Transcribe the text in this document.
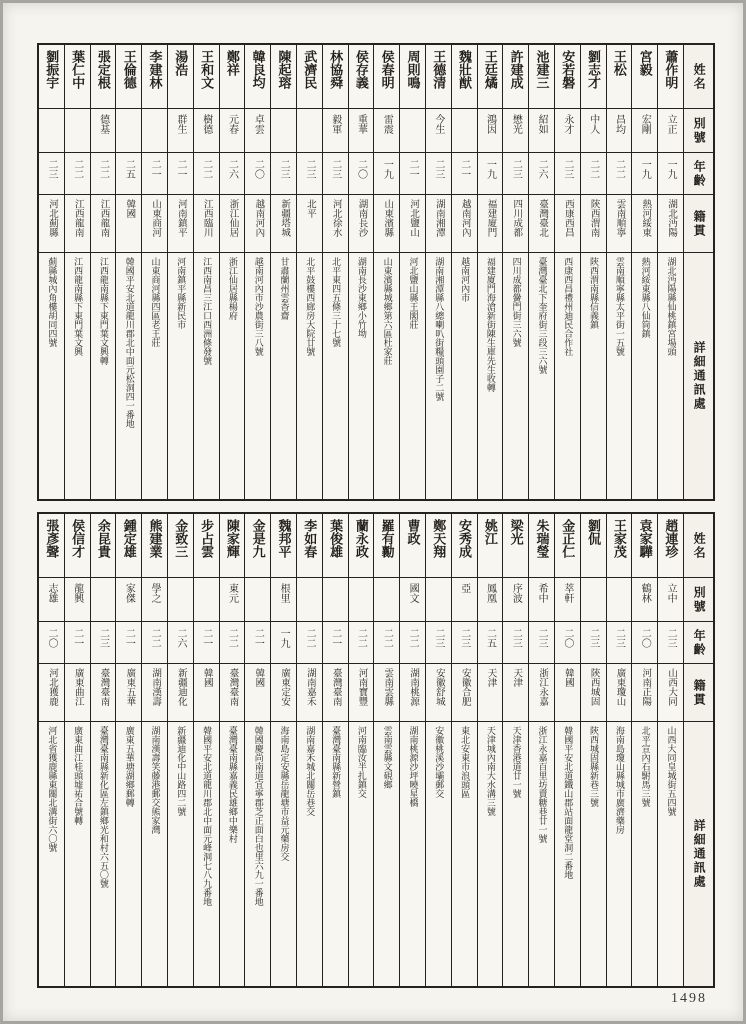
姓名
別號
年齡
籍貫
詳細通訊處
蕭作明
立正
一九
湖北沔陽
湖北沔陽縣仙桃鎮宮場頭
宮毅
宏剛
一九
熱河綏東
熱河綏東縣八仙筒鎮
王松
昌均
二二
雲南順寧
雲南順寧縣太平街一五號
劉志才
中人
二二
陝西渭南
陝西渭南縣信義鎮
安若磐
永才
二三
西康西昌
西康西昌禮州迪民合作社
池建三
紹如
二六
臺灣臺北
臺灣臺北下奎府街三段三六號
許建成
懋光
二三
四川成都
四川成都黌門街三六號
王廷燏
鴻因
一九
福建廈門
福建廈門海滄新街陳生庫先生收轉
魏壯猷
二一
越南河內
越南河內市
王德清
今生
二三
湖南湘潭
湖南湘潭縣八總喇叭街糧頭園子二號
周則鳴
二一
河北鹽山
河北鹽山縣王閣莊
侯春明
雷震
一九
山東濱縣
山東濱縣城鄉第六區杜家莊
侯存義
重華
二〇
湖南長沙
湖南長沙東鄉小竹坳
林協舜
毅軍
二三
河北徐水
北平東四五條三十七號
武濟民
二三
北平
北平鼓樓西廊房大院廿號
陳起瑢
二三
新疆塔城
甘肅蘭州雲香齋
韓良均
卓雲
二〇
越南河內
越南河內市沙農街三八號
鄭祥
元春
二六
浙江仙居
浙江仙居縣楊府
王和文
樹德
二二
江西臨川
江西南昌三江口西洲條發號
湯浩
群生
二一
河南鎮平
河南鎮平縣新民市
李建林
二一
山東商河
山東商河縣四區老王莊
王倫德
二五
韓國
韓國平安北道龍川郡北中面元松洞四一番地
張定根
德基
二二
江西龍南
江西龍南縣下東門葉文興轉
葉仁中
二二
江西龍南
江西龍南縣下東門葉文興
劉振宇
二三
河北薊縣
薊縣城內角樓胡同四號
姓名
別號
年齡
籍貫
詳細通訊處
趙連珍
立中
二三
山西大同
山西大同皇城街五四號
袁家驊
鶴林
二〇
河南正陽
北平宣內石駙馬三號
王家茂
二三
廣東瓊山
海南島瓊山縣城市廣濟藥房
劉侃
二三
陝西城固
陝西城固縣新巷三號
金正仁
萃軒
二〇
韓國
韓國平安北道鐵山郡站面龍堂洞二番地
朱瑞瑩
希中
二三
浙江永嘉
浙江永嘉百里坊賣糖巷廿一號
梁光
序波
二三
天津
天津香港道廿一號
姚江
鳳凰
二五
天津
天津城內南大水溝三號
安秀成
亞
二三
安徽合肥
東北安東市浪頭區
鄭天翔
二三
安徽舒城
安徽桃溪沙壩郵交
曹政
國文
二二
湖南桃源
湖南桃源沙坪曉星橋
羅有勷
二二
雲南雲縣
雲南雲縣文硯鄉
蘭永政
二二
河南寶豐
河南臨汝半扎鎮交
葉俊雄
二一
臺灣臺南
臺灣臺南縣新營鎮
李如春
二二
湖南嘉禾
湖南嘉禾城北關岳巷交
魏邦平
根里
一九
廣東定安
海南島定安縣岳龍塘市益元藥房交
金是九
二一
韓國
韓國慶尚南道宜寧郡芝正面白也里六九一番地
陳家輝
東元
二二
臺灣臺南
臺灣臺南縣嘉義民雄鄉中樂村
步占雲
二一
韓國
韓國平安北道龍川郡北中面元峰洞七八九番地
金致三
二六
新疆迪化
新疆迪化中山路四二號
熊建業
學之
二二
湖南漢壽
湖南漢壽笑藤港郵交熊家灣
鍾定雄
家傑
二一
廣東五華
廣東五華塘湖鄉郵轉
余昆貴
二三
臺灣臺南
臺灣臺南縣新化區左鎮鄉光和村六五〇號
侯信才
龍興
二一
廣東曲江
廣東曲江桂頭墟祐合號轉
張彥聲
志雄
二〇
河北獲鹿
河北省獲鹿縣東關北溝街六〇號
1498
